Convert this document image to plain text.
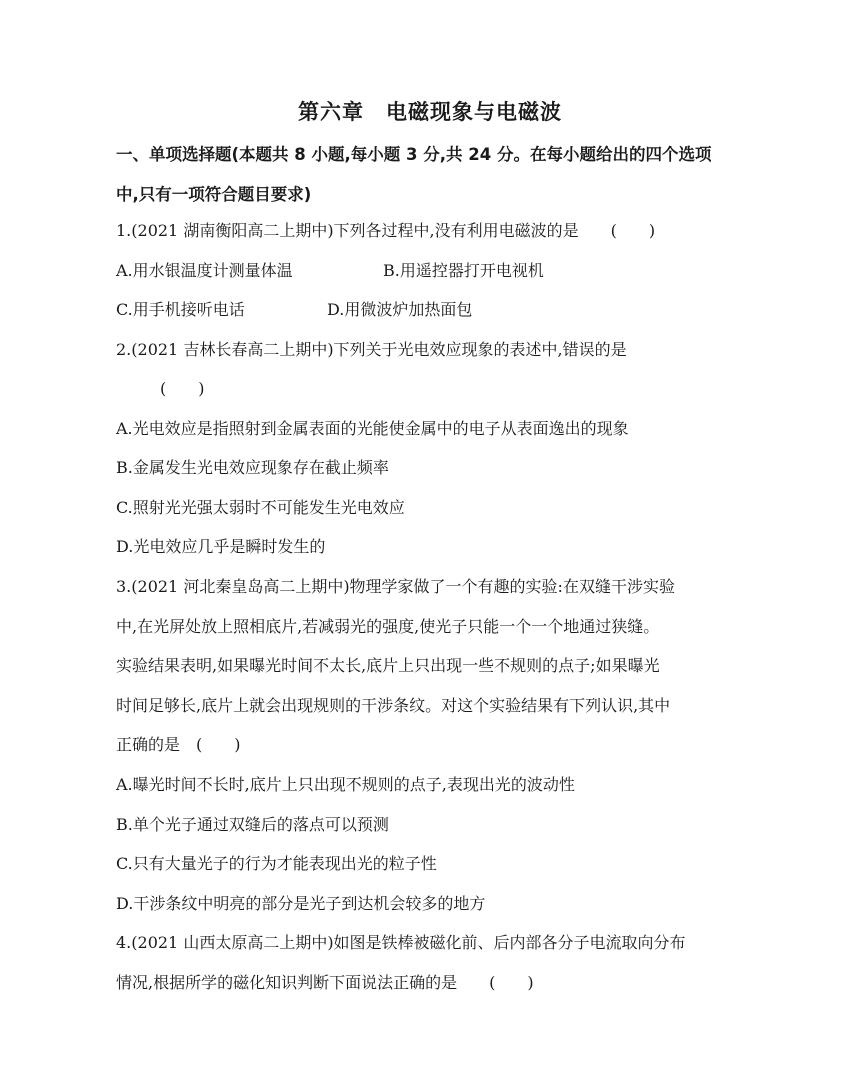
第六章　电磁现象与电磁波
一、单项选择题(本题共 8 小题,每小题 3 分,共 24 分。在每小题给出的四个选项
中,只有一项符合题目要求)
1.(2021 湖南衡阳高二上期中)下列各过程中,没有利用电磁波的是　　(　　)
A.用水银温度计测量体温	B.用遥控器打开电视机
C.用手机接听电话	D.用微波炉加热面包
2.(2021 吉林长春高二上期中)下列关于光电效应现象的表述中,错误的是
(　　)
A.光电效应是指照射到金属表面的光能使金属中的电子从表面逸出的现象
B.金属发生光电效应现象存在截止频率
C.照射光光强太弱时不可能发生光电效应
D.光电效应几乎是瞬时发生的
3.(2021 河北秦皇岛高二上期中)物理学家做了一个有趣的实验:在双缝干涉实验
中,在光屏处放上照相底片,若减弱光的强度,使光子只能一个一个地通过狭缝。
实验结果表明,如果曝光时间不太长,底片上只出现一些不规则的点子;如果曝光
时间足够长,底片上就会出现规则的干涉条纹。对这个实验结果有下列认识,其中
正确的是　(　　)
A.曝光时间不长时,底片上只出现不规则的点子,表现出光的波动性
B.单个光子通过双缝后的落点可以预测
C.只有大量光子的行为才能表现出光的粒子性
D.干涉条纹中明亮的部分是光子到达机会较多的地方
4.(2021 山西太原高二上期中)如图是铁棒被磁化前、后内部各分子电流取向分布
情况,根据所学的磁化知识判断下面说法正确的是　　(　　)
